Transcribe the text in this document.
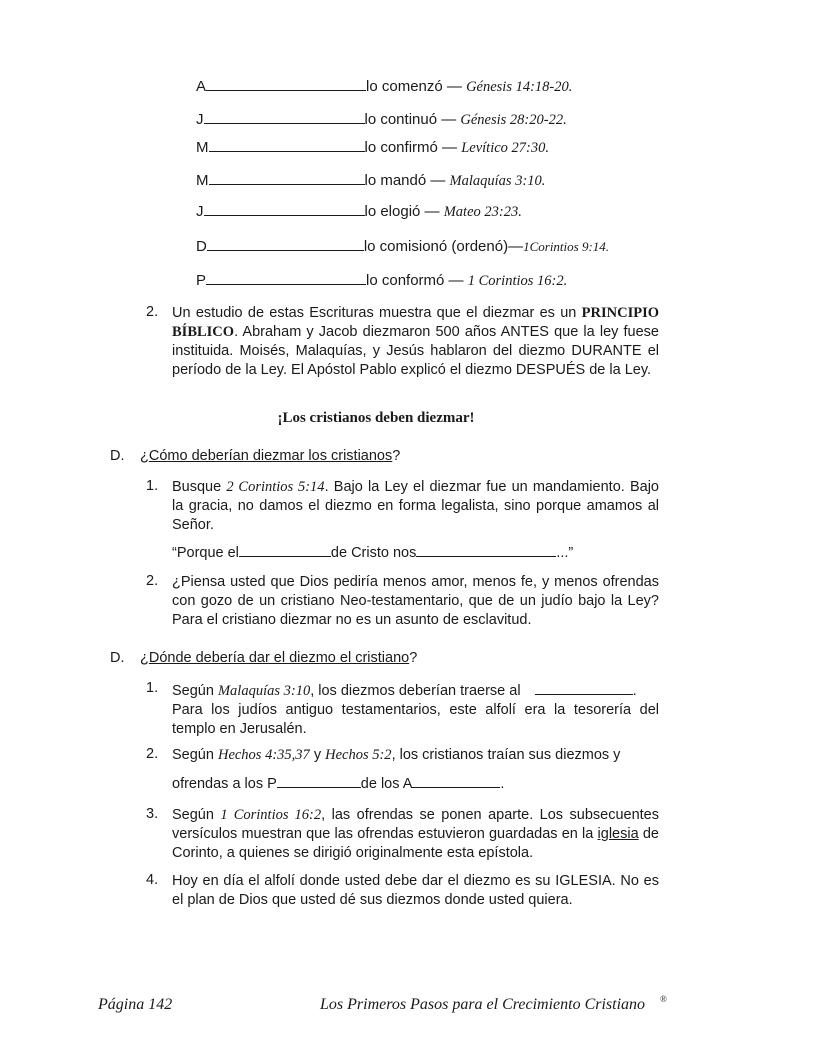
A	lo comenzó — Génesis 14:18-20.
J	lo continuó — Génesis 28:20-22.
M	lo confirmó — Levítico 27:30.
M	lo mandó — Malaquías 3:10.
J	lo elogió — Mateo 23:23.
D	lo comisionó (ordenó)—1Corintios 9:14.
P	lo conformó — 1 Corintios 16:2.
2. Un estudio de estas Escrituras muestra que el diezmar es un PRINCIPIO BÍBLICO. Abraham y Jacob diezmaron 500 años ANTES que la ley fuese instituida. Moisés, Malaquías, y Jesús hablaron del diezmo DURANTE el período de la Ley. El Apóstol Pablo explicó el diezmo DESPUÉS de la Ley.
¡Los cristianos deben diezmar!
D. ¿Cómo deberían diezmar los cristianos?
1. Busque 2 Corintios 5:14. Bajo la Ley el diezmar fue un mandamiento. Bajo la gracia, no damos el diezmo en forma legalista, sino porque amamos al Señor.
“Porque el	de Cristo nos	...”
2. ¿Piensa usted que Dios pediría menos amor, menos fe, y menos ofrendas con gozo de un cristiano Neo-testamentario, que de un judío bajo la Ley? Para el cristiano diezmar no es un asunto de esclavitud.
D. ¿Dónde debería dar el diezmo el cristiano?
1. Según Malaquías 3:10, los diezmos deberían traerse al	.
Para los judíos antiguo testamentarios, este alfolí era la tesorería del templo en Jerusalén.
2. Según Hechos 4:35,37 y Hechos 5:2, los cristianos traían sus diezmos y
ofrendas a los P	de los A	.
3. Según 1 Corintios 16:2, las ofrendas se ponen aparte. Los subsecuentes versículos muestran que las ofrendas estuvieron guardadas en la iglesia de Corinto, a quienes se dirigió originalmente esta epístola.
4. Hoy en día el alfolí donde usted debe dar el diezmo es su IGLESIA. No es el plan de Dios que usted dé sus diezmos donde usted quiera.
Página 142	Los Primeros Pasos para el Crecimiento Cristiano ®
